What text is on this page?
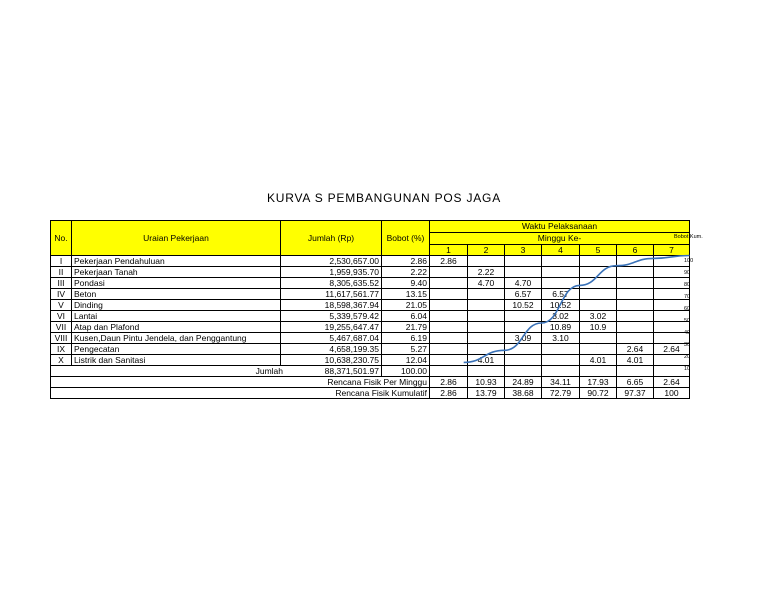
KURVA S PEMBANGUNAN POS JAGA
No.	Uraian Pekerjaan	Jumlah (Rp)	Bobot (%)	Waktu Pelaksanaan						
				Minggu Ke-						
				1	2	3	4	5	6	7
I	Pekerjaan Pendahuluan	2,530,657.00	2.86	2.86						
II	Pekerjaan Tanah	1,959,935.70	2.22		2.22					
III	Pondasi	8,305,635.52	9.40		4.70	4.70				
IV	Beton	11,617,561.77	13.15			6.57	6.57			
V	Dinding	18,598,367.94	21.05			10.52	10.52			
VI	Lantai	5,339,579.42	6.04				3.02	3.02		
VII	Atap dan Plafond	19,255,647.47	21.79				10.89	10.9		
VIII	Kusen,Daun Pintu Jendela, dan Penggantung	5,467,687.04	6.19			3.09	3.10			
IX	Pengecatan	4,658,199.35	5.27						2.64	2.64
X	Listrik dan Sanitasi	10,638,230.75	12.04		4.01			4.01	4.01	
Jumlah 88,371,501.97			100.00							
Rencana Fisik Per Minggu				2.86	10.93	24.89	34.11	17.93	6.65	2.64
Rencana Fisik Kumulatif				2.86	13.79	38.68	72.79	90.72	97.37	100
Bobot Kum.
100
90
80
70
60
50
40
30
20
10
